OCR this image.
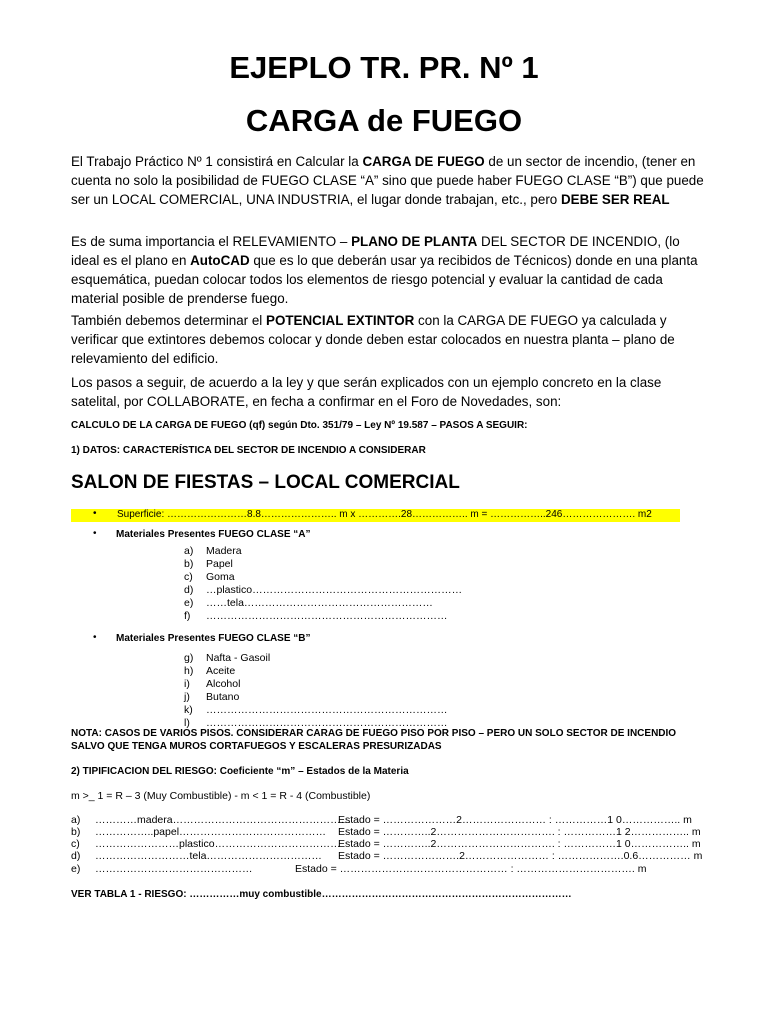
EJEPLO TR. PR. Nº 1
CARGA de FUEGO
El Trabajo Práctico Nº 1 consistirá en Calcular la CARGA DE FUEGO de un sector de incendio, (tener en cuenta no solo la posibilidad de FUEGO CLASE “A” sino que puede haber FUEGO CLASE “B”) que puede ser un LOCAL COMERCIAL, UNA INDUSTRIA, el lugar donde trabajan, etc., pero DEBE SER REAL
Es de suma importancia el RELEVAMIENTO – PLANO DE PLANTA DEL SECTOR DE INCENDIO, (lo ideal es el plano en AutoCAD que es lo que deberán usar ya recibidos de Técnicos) donde en una planta esquemática, puedan colocar todos los elementos de riesgo potencial y evaluar la cantidad de cada material posible de prenderse fuego.
También debemos determinar el POTENCIAL EXTINTOR con la CARGA DE FUEGO ya calculada y verificar que extintores debemos colocar y donde deben estar colocados en nuestra planta – plano de relevamiento del edificio.
Los pasos a seguir, de acuerdo a la ley y que serán explicados con un ejemplo concreto en la clase satelital, por COLLABORATE, en fecha a confirmar en el Foro de Novedades, son:
CALCULO DE LA CARGA DE FUEGO (qf) según Dto. 351/79 – Ley Nº 19.587 – PASOS A SEGUIR:
1) DATOS: CARACTERÍSTICA DEL SECTOR DE INCENDIO A CONSIDERAR
SALON DE FIESTAS – LOCAL COMERCIAL
• Superficie: ……………………8.8………………….. m x ………….28…………….. m = ……………..246…………………. m2
• Materiales Presentes FUEGO CLASE “A”
a) Madera
b) Papel
c) Goma
d) …plastico……………………………………………………
e) ……tela………………………………………………
f) ……………………………………………………………
• Materiales Presentes FUEGO CLASE “B”
g) Nafta - Gasoil
h) Aceite
i) Alcohol
j) Butano
k) ……………………………………………………………
l) ……………………………………………………………
NOTA: CASOS DE VARIOS PISOS. CONSIDERAR CARAG DE FUEGO PISO POR PISO – PERO UN SOLO SECTOR DE INCENDIO
SALVO QUE TENGA MUROS CORTAFUEGOS Y ESCALERAS PRESURIZADAS
2) TIPIFICACION DEL RIESGO: Coeficiente “m” – Estados de la Materia
m >_ 1 = R – 3 (Muy Combustible) - m < 1 = R - 4 (Combustible)
a) …………madera……………………………………………
Estado = …………………2…………………… : ……………1 0…………….. m
b) ……………..papel…………………………………… Estado = …………..2……………………………. : ……………1 2…………….. m
c) ……………………plastico………………………………
Estado = …………..2……………………………. : ……………1 0…………….. m
d) ………………………tela…………………………… Estado = ………………….2…………………… : ……………….0.6…………… m
e) ………………………………………	Estado = ………………………………………… : ……………………………. m
VER TABLA 1 - RIESGO: ……………muy combustible…………………………………………………………………
